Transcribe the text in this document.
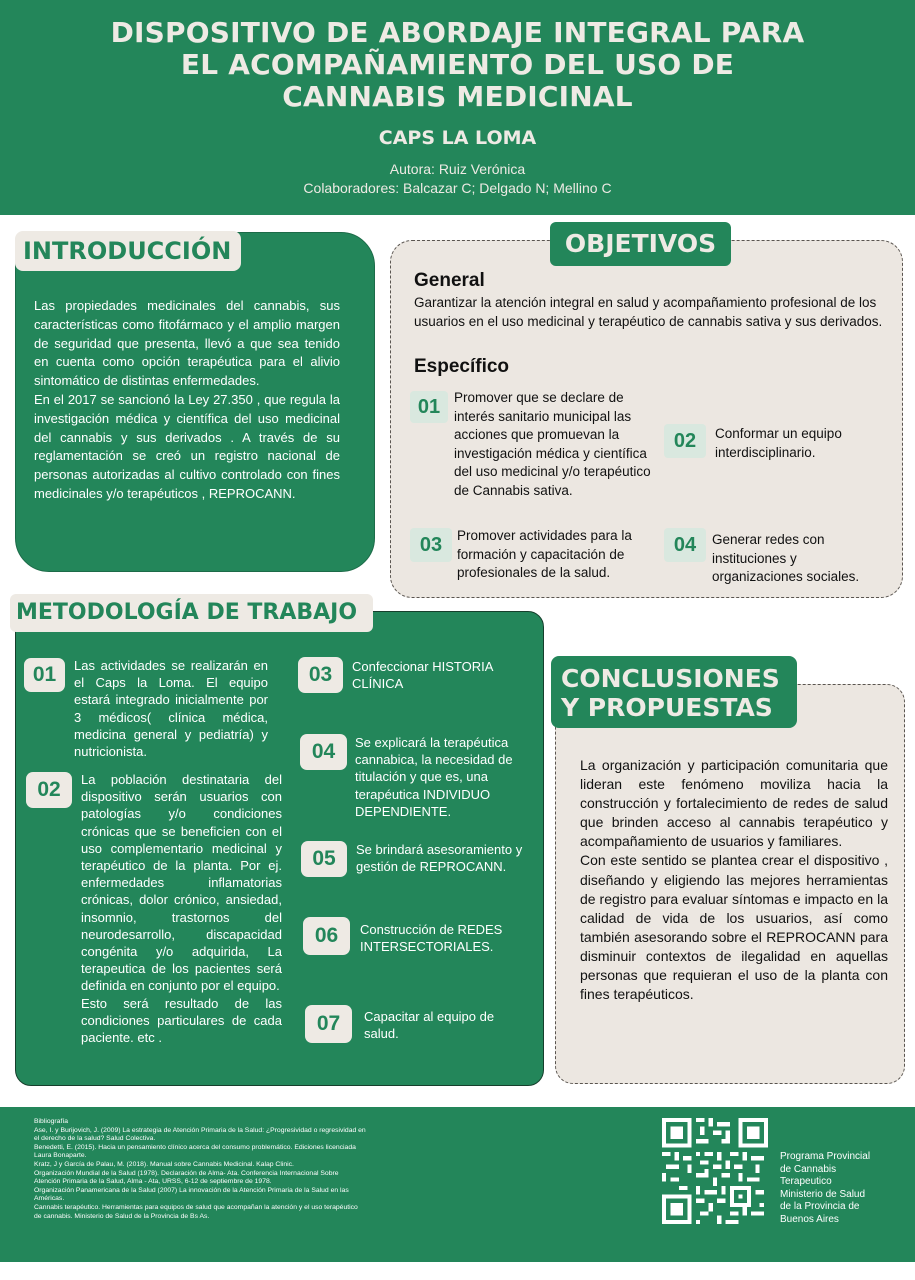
DISPOSITIVO DE ABORDAJE INTEGRAL PARA
EL ACOMPAÑAMIENTO DEL USO DE
CANNABIS MEDICINAL
CAPS LA LOMA
Autora: Ruiz Verónica
Colaboradores: Balcazar C; Delgado N; Mellino C
INTRODUCCIÓN

Las propiedades medicinales del cannabis, sus características como fitofármaco y el amplio margen de seguridad que presenta, llevó a que sea tenido en cuenta como opción terapéutica para el alivio sintomático de distintas enfermedades.

En el 2017 se sancionó la Ley 27.350 , que regula la investigación médica y científica del uso medicinal del cannabis y sus derivados . A través de su reglamentación se creó un registro nacional de personas autorizadas al cultivo controlado con fines medicinales y/o terapéuticos , REPROCANN.

OBJETIVOS
General
Garantizar la atención integral en salud y acompañamiento profesional de los usuarios en el uso medicinal y terapéutico de cannabis sativa y sus derivados.
Específico
01	Promover que se declare de interés sanitario municipal las acciones que promuevan la investigación médica y científica del uso medicinal y/o terapéutico de Cannabis sativa.
02	Conformar un equipo interdisciplinario.
03	Promover actividades para la formación y capacitación de profesionales de la salud.
04	Generar redes con instituciones y organizaciones sociales.
METODOLOGÍA DE TRABAJO
01	Las actividades se realizarán en el Caps la Loma. El equipo estará integrado inicialmente por 3 médicos( clínica médica, medicina general y pediatría) y nutricionista.
02	La población destinataria del dispositivo serán usuarios con patologías y/o condiciones crónicas que se beneficien con el uso complementario medicinal y terapéutico de la planta. Por ej. enfermedades inflamatorias crónicas, dolor crónico, ansiedad, insomnio, trastornos del neurodesarrollo, discapacidad congénita y/o adquirida, La terapeutica de los pacientes será definida en conjunto por el equipo.
Esto será resultado de las condiciones particulares de cada paciente. etc .
03	Confeccionar HISTORIA CLÍNICA
04	Se explicará la terapéutica cannabica, la necesidad de titulación y que es, una terapéutica INDIVIDUO DEPENDIENTE.
05	Se brindará asesoramiento y gestión de REPROCANN.
06	Construcción de REDES INTERSECTORIALES.
07	Capacitar al equipo de salud.
CONCLUSIONES
Y PROPUESTAS

La organización y participación comunitaria que lideran este fenómeno moviliza hacia la construcción y fortalecimiento de redes de salud que brinden acceso al cannabis terapéutico y acompañamiento de usuarios y familiares.

Con este sentido se plantea crear el dispositivo , diseñando y eligiendo las mejores herramientas de registro para evaluar síntomas e impacto en la calidad de vida de los usuarios, así como también asesorando sobre el REPROCANN para disminuir contextos de ilegalidad en aquellas personas que requieran el uso de la planta con fines terapéuticos.

Bibliografía
Ase, I. y Burijovich, J. (2009) La estrategia de Atención Primaria de la Salud: ¿Progresividad o regresividad en el derecho de la salud? Salud Colectiva.
Benedetti, E. (2015). Hacia un pensamiento clínico acerca del consumo problemático. Ediciones licenciada Laura Bonaparte.
Kratz, J y García de Palau, M. (2018). Manual sobre Cannabis Medicinal. Kalap Clinic.
Organización Mundial de la Salud (1978). Declaración de Alma- Ata. Conferencia Internacional Sobre Atención Primaria de la Salud, Alma - Ata, URSS, 6-12 de septiembre de 1978.
Organización Panamericana de la Salud (2007) La innovación de la Atención Primaria de la Salud en las Américas.
Cannabis terapéutico. Herramientas para equipos de salud que acompañan la atención y el uso terapéutico de cannabis. Ministerio de Salud de la Provincia de Bs As.
Programa Provincial
de Cannabis
Terapeutico
Ministerio de Salud
de la Provincia de
Buenos Aires
